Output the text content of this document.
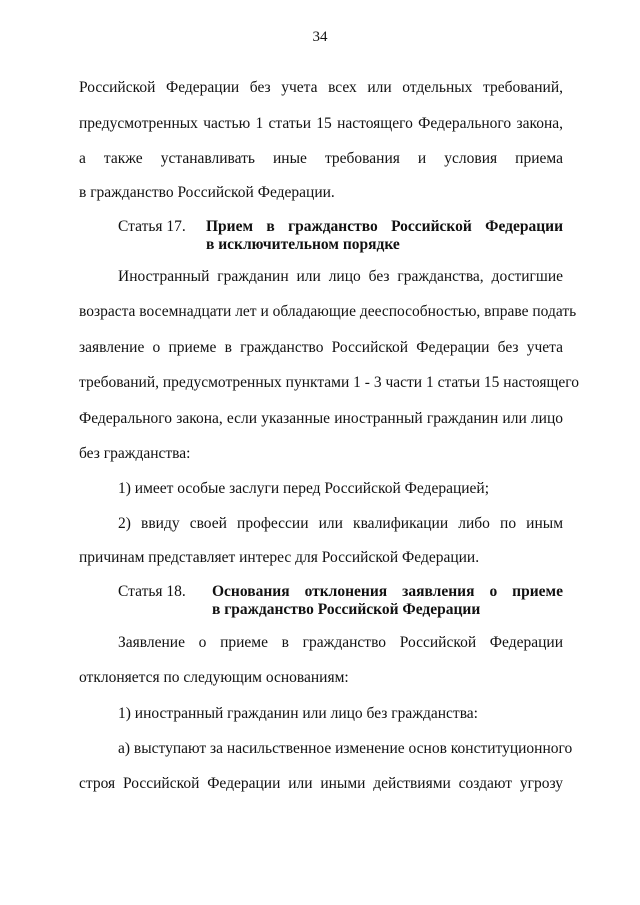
34
Российской Федерации без учета всех или отдельных требований,
предусмотренных частью 1 статьи 15 настоящего Федерального закона,
а также устанавливать иные требования и условия приема
в гражданство Российской Федерации.
Статья 17.	Прием в гражданство Российской Федерации
в исключительном порядке
Иностранный гражданин или лицо без гражданства, достигшие
возраста восемнадцати лет и обладающие дееспособностью, вправе подать
заявление о приеме в гражданство Российской Федерации без учета
требований, предусмотренных пунктами 1 - 3 части 1 статьи 15 настоящего
Федерального закона, если указанные иностранный гражданин или лицо
без гражданства:
1) имеет особые заслуги перед Российской Федерацией;
2) ввиду своей профессии или квалификации либо по иным
причинам представляет интерес для Российской Федерации.
Статья 18.	Основания отклонения заявления о приеме
в гражданство Российской Федерации
Заявление о приеме в гражданство Российской Федерации
отклоняется по следующим основаниям:
1) иностранный гражданин или лицо без гражданства:
а) выступают за насильственное изменение основ конституционного
строя Российской Федерации или иными действиями создают угрозу
